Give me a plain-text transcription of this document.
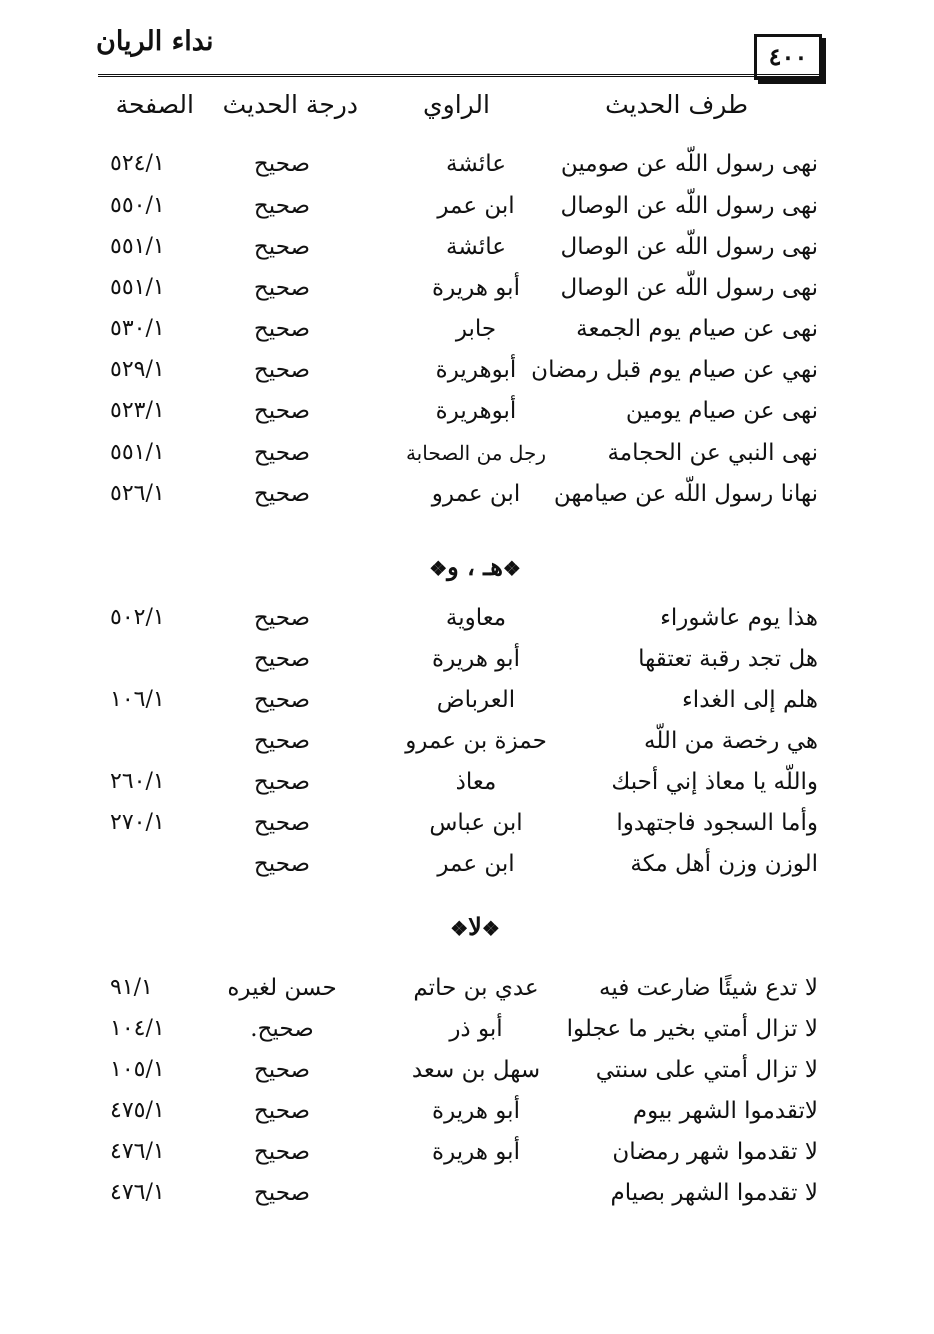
نداء الريان	٤٠٠
طرف الحديث
الراوي
درجة الحديث
الصفحة
نهى رسول اللّه عن صومين
عائشة
صحيح
٥٢٤/١
نهى رسول اللّه عن الوصال
ابن عمر
صحيح
٥٥٠/١
نهى رسول اللّه عن الوصال
عائشة
صحيح
٥٥١/١
نهى رسول اللّه عن الوصال
أبو هريرة
صحيح
٥٥١/١
نهى عن صيام يوم الجمعة
جابر
صحيح
٥٣٠/١
نهي عن صيام يوم قبل رمضان
أبوهريرة
صحيح
٥٢٩/١
نهى عن صيام يومين
أبوهريرة
صحيح
٥٢٣/١
نهى النبي عن الحجامة
رجل من الصحابة
صحيح
٥٥١/١
نهانا رسول اللّه عن صيامهن
ابن عمرو
صحيح
٥٢٦/١
❖هـ ، و❖
هذا يوم عاشوراء
معاوية
صحيح
٥٠٢/١
هل تجد رقبة تعتقها
أبو هريرة
صحيح
هلم إلى الغداء
العرباض
صحيح
١٠٦/١
هي رخصة من اللّه
حمزة بن عمرو
صحيح
واللّه يا معاذ إني أحبك
معاذ
صحيح
٢٦٠/١
وأما السجود فاجتهدوا
ابن عباس
صحيح
٢٧٠/١
الوزن وزن أهل مكة
ابن عمر
صحيح
❖لا❖
لا تدع شيئًا ضارعت فيه
عدي بن حاتم
حسن لغيره
٩١/١
لا تزال أمتي بخير ما عجلوا
أبو ذر
صحيح.
١٠٤/١
لا تزال أمتي على سنتي
سهل بن سعد
صحيح
١٠٥/١
لاتقدموا الشهر بيوم
أبو هريرة
صحيح
٤٧٥/١
لا تقدموا شهر رمضان
أبو هريرة
صحيح
٤٧٦/١
لا تقدموا الشهر بصيام
صحيح
٤٧٦/١
